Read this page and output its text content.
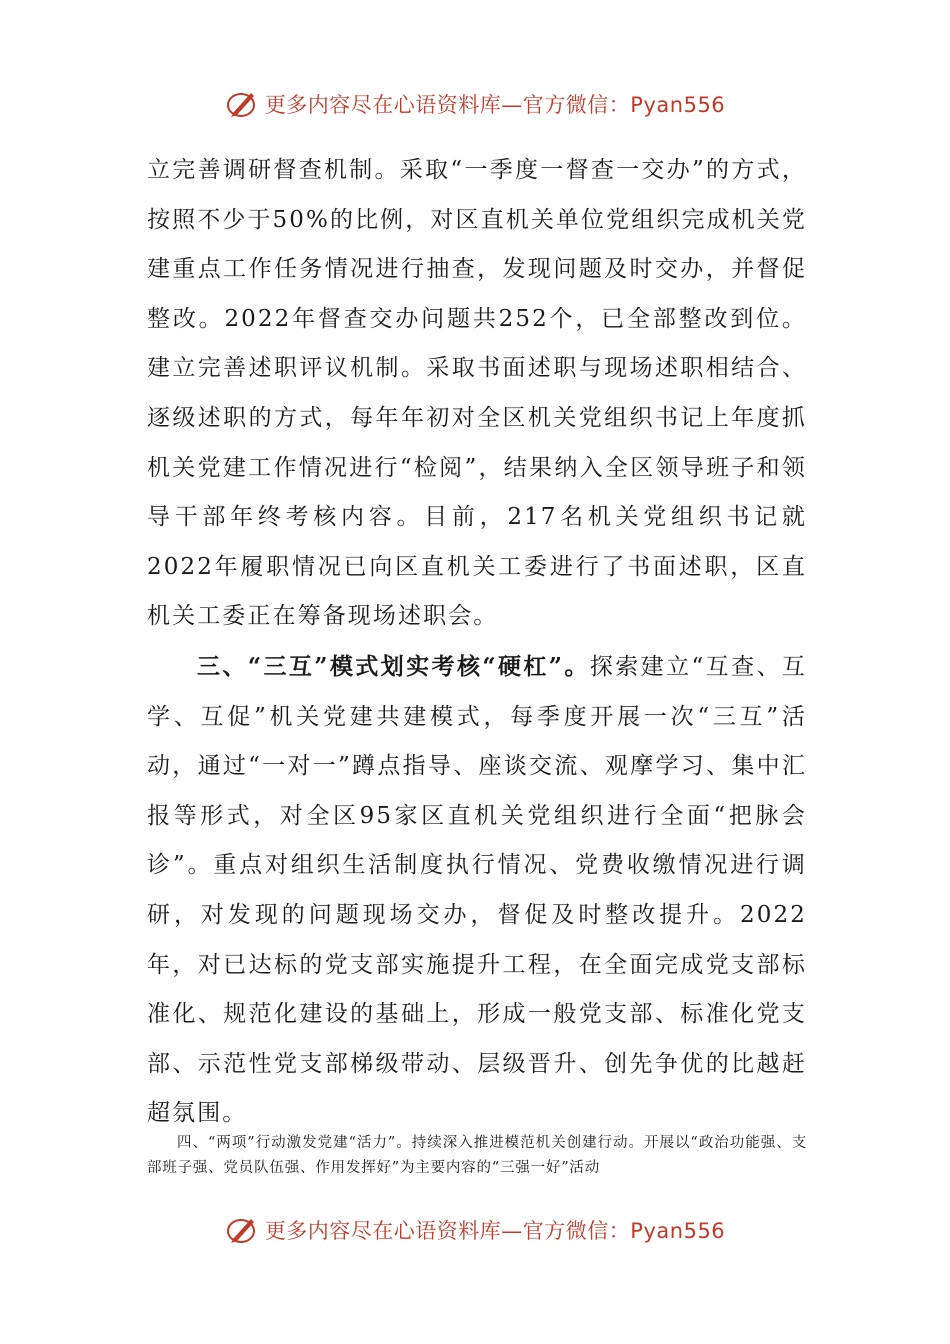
更多内容尽在心语资料库—官方微信：Pyan556

立完善调研督查机制。采取“一季度一督查一交办”的方式，按照不少于50%的比例，对区直机关单位党组织完成机关党建重点工作任务情况进行抽查，发现问题及时交办，并督促整改。2022年督查交办问题共252个，已全部整改到位。建立完善述职评议机制。采取书面述职与现场述职相结合、逐级述职的方式，每年年初对全区机关党组织书记上年度抓机关党建工作情况进行“检阅”，结果纳入全区领导班子和领导干部年终考核内容。目前，217名机关党组织书记就2022年履职情况已向区直机关工委进行了书面述职，区直机关工委正在筹备现场述职会。

三、“三互”模式划实考核“硬杠”。探索建立“互查、互学、互促”机关党建共建模式，每季度开展一次“三互”活动，通过“一对一”蹲点指导、座谈交流、观摩学习、集中汇报等形式，对全区95家区直机关党组织进行全面“把脉会诊”。重点对组织生活制度执行情况、党费收缴情况进行调研，对发现的问题现场交办，督促及时整改提升。2022年，对已达标的党支部实施提升工程，在全面完成党支部标准化、规范化建设的基础上，形成一般党支部、标准化党支部、示范性党支部梯级带动、层级晋升、创先争优的比越赶超氛围。

四、“两项”行动激发党建“活力”。持续深入推进模范机关创建行动。开展以“政治功能强、支部班子强、党员队伍强、作用发挥好”为主要内容的“三强一好”活动

更多内容尽在心语资料库—官方微信：Pyan556
